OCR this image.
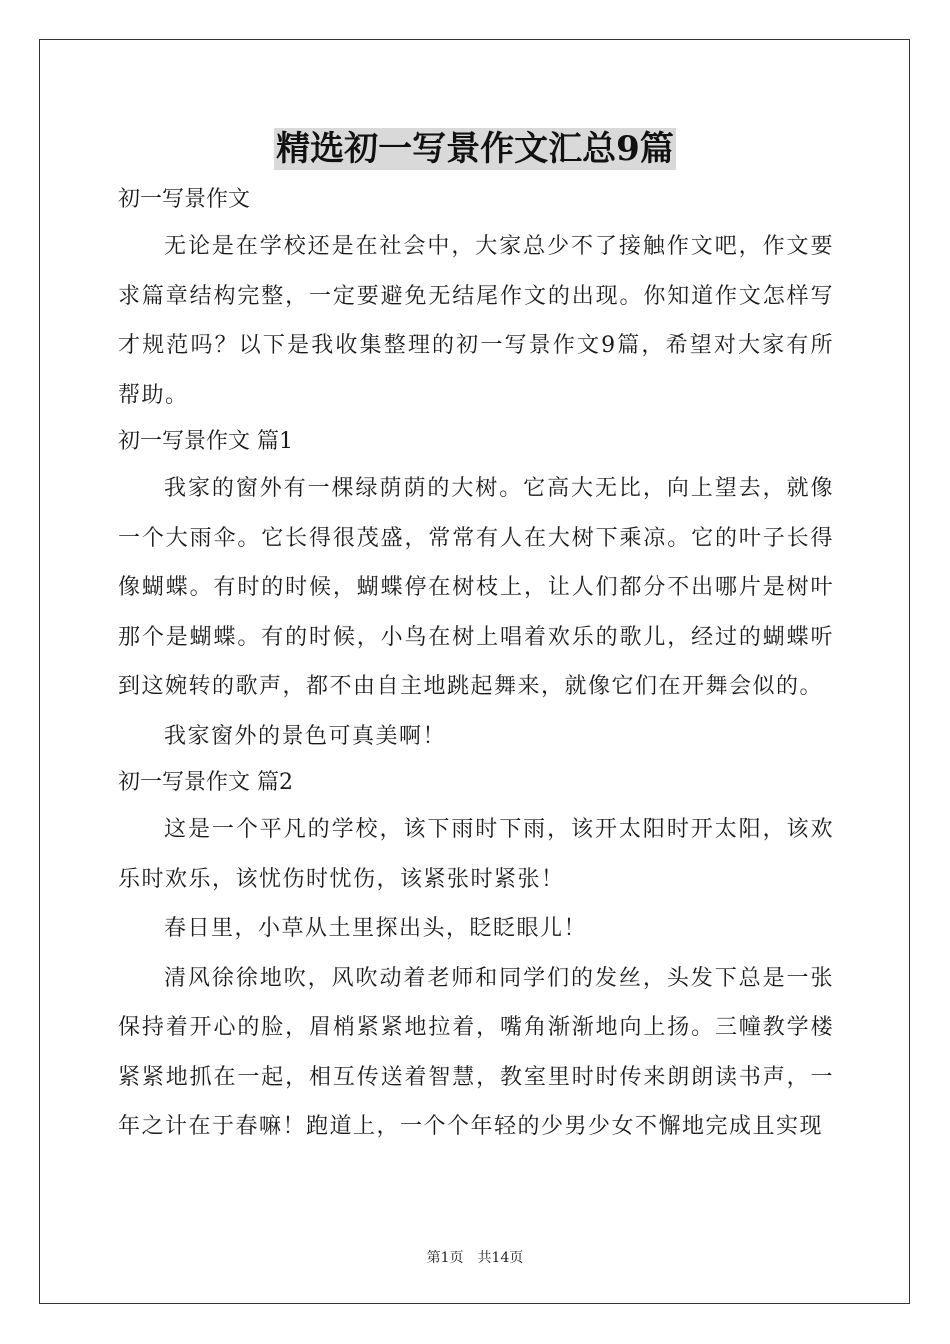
精选初一写景作文汇总9篇

初一写景作文

无论是在学校还是在社会中，大家总少不了接触作文吧，作文要求篇章结构完整，一定要避免无结尾作文的出现。你知道作文怎样写才规范吗？以下是我收集整理的初一写景作文9篇，希望对大家有所帮助。

初一写景作文 篇1

我家的窗外有一棵绿荫荫的大树。它高大无比，向上望去，就像一个大雨伞。它长得很茂盛，常常有人在大树下乘凉。它的叶子长得像蝴蝶。有时的时候，蝴蝶停在树枝上，让人们都分不出哪片是树叶那个是蝴蝶。有的时候，小鸟在树上唱着欢乐的歌儿，经过的蝴蝶听到这婉转的歌声，都不由自主地跳起舞来，就像它们在开舞会似的。

我家窗外的景色可真美啊！

初一写景作文 篇2

这是一个平凡的学校，该下雨时下雨，该开太阳时开太阳，该欢乐时欢乐，该忧伤时忧伤，该紧张时紧张！

春日里，小草从土里探出头，眨眨眼儿！

清风徐徐地吹，风吹动着老师和同学们的发丝，头发下总是一张保持着开心的脸，眉梢紧紧地拉着，嘴角渐渐地向上扬。三幢教学楼紧紧地抓在一起，相互传送着智慧，教室里时时传来朗朗读书声，一年之计在于春嘛！跑道上，一个个年轻的少男少女不懈地完成且实现

第1页　共14页
